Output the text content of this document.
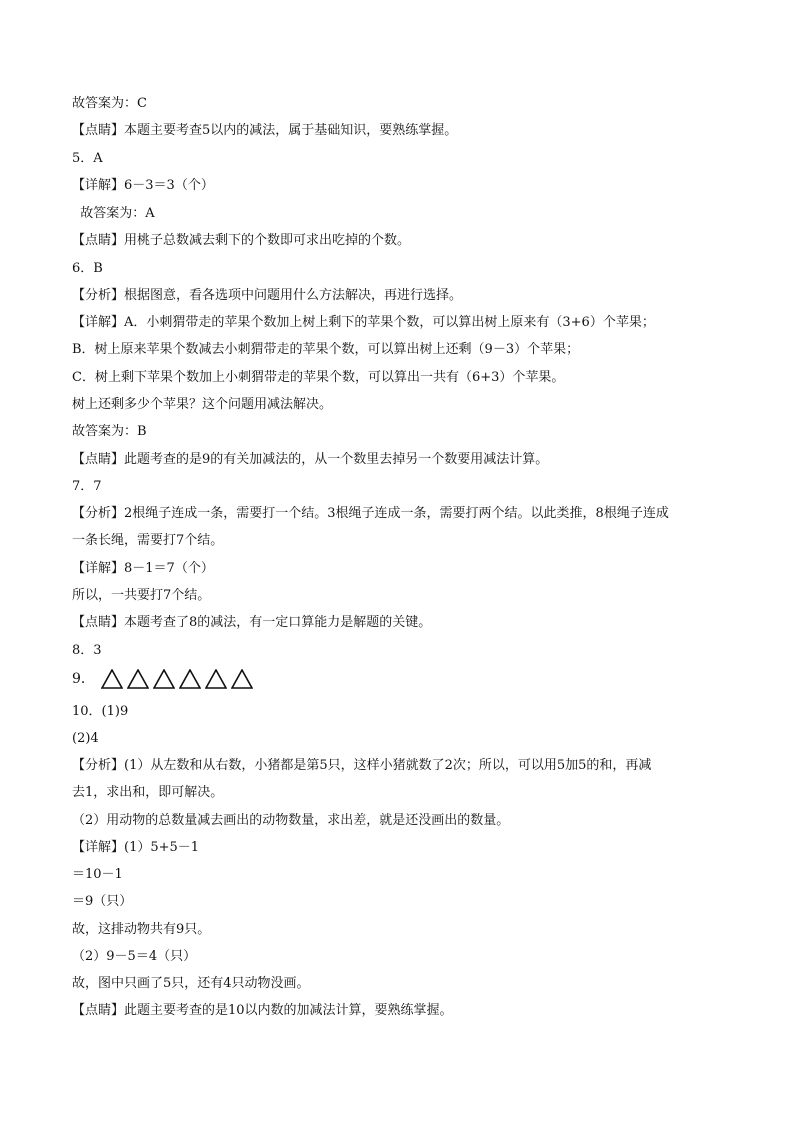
故答案为：C
【点睛】本题主要考查5以内的减法，属于基础知识，要熟练掌握。
5．A
【详解】6－3＝3（个）
故答案为：A
【点睛】用桃子总数减去剩下的个数即可求出吃掉的个数。
6．B
【分析】根据图意，看各选项中问题用什么方法解决，再进行选择。
【详解】A．小刺猬带走的苹果个数加上树上剩下的苹果个数，可以算出树上原来有（3+6）个苹果；
B．树上原来苹果个数减去小刺猬带走的苹果个数，可以算出树上还剩（9－3）个苹果；
C．树上剩下苹果个数加上小刺猬带走的苹果个数，可以算出一共有（6+3）个苹果。
树上还剩多少个苹果？这个问题用减法解决。
故答案为：B
【点睛】此题考查的是9的有关加减法的，从一个数里去掉另一个数要用减法计算。
7．7
【分析】2根绳子连成一条，需要打一个结。3根绳子连成一条，需要打两个结。以此类推，8根绳子连成
一条长绳，需要打7个结。
【详解】8－1＝7（个）
所以，一共要打7个结。
【点睛】本题考查了8的减法，有一定口算能力是解题的关键。
8．3
9．
10．(1)9
(2)4
【分析】(1）从左数和从右数，小猪都是第5只，这样小猪就数了2次；所以，可以用5加5的和，再减
去1，求出和，即可解决。
（2）用动物的总数量减去画出的动物数量，求出差，就是还没画出的数量。
【详解】(1）5+5－1
＝10－1
＝9（只）
故，这排动物共有9只。
（2）9－5＝4（只）
故，图中只画了5只，还有4只动物没画。
【点睛】此题主要考查的是10以内数的加减法计算，要熟练掌握。
